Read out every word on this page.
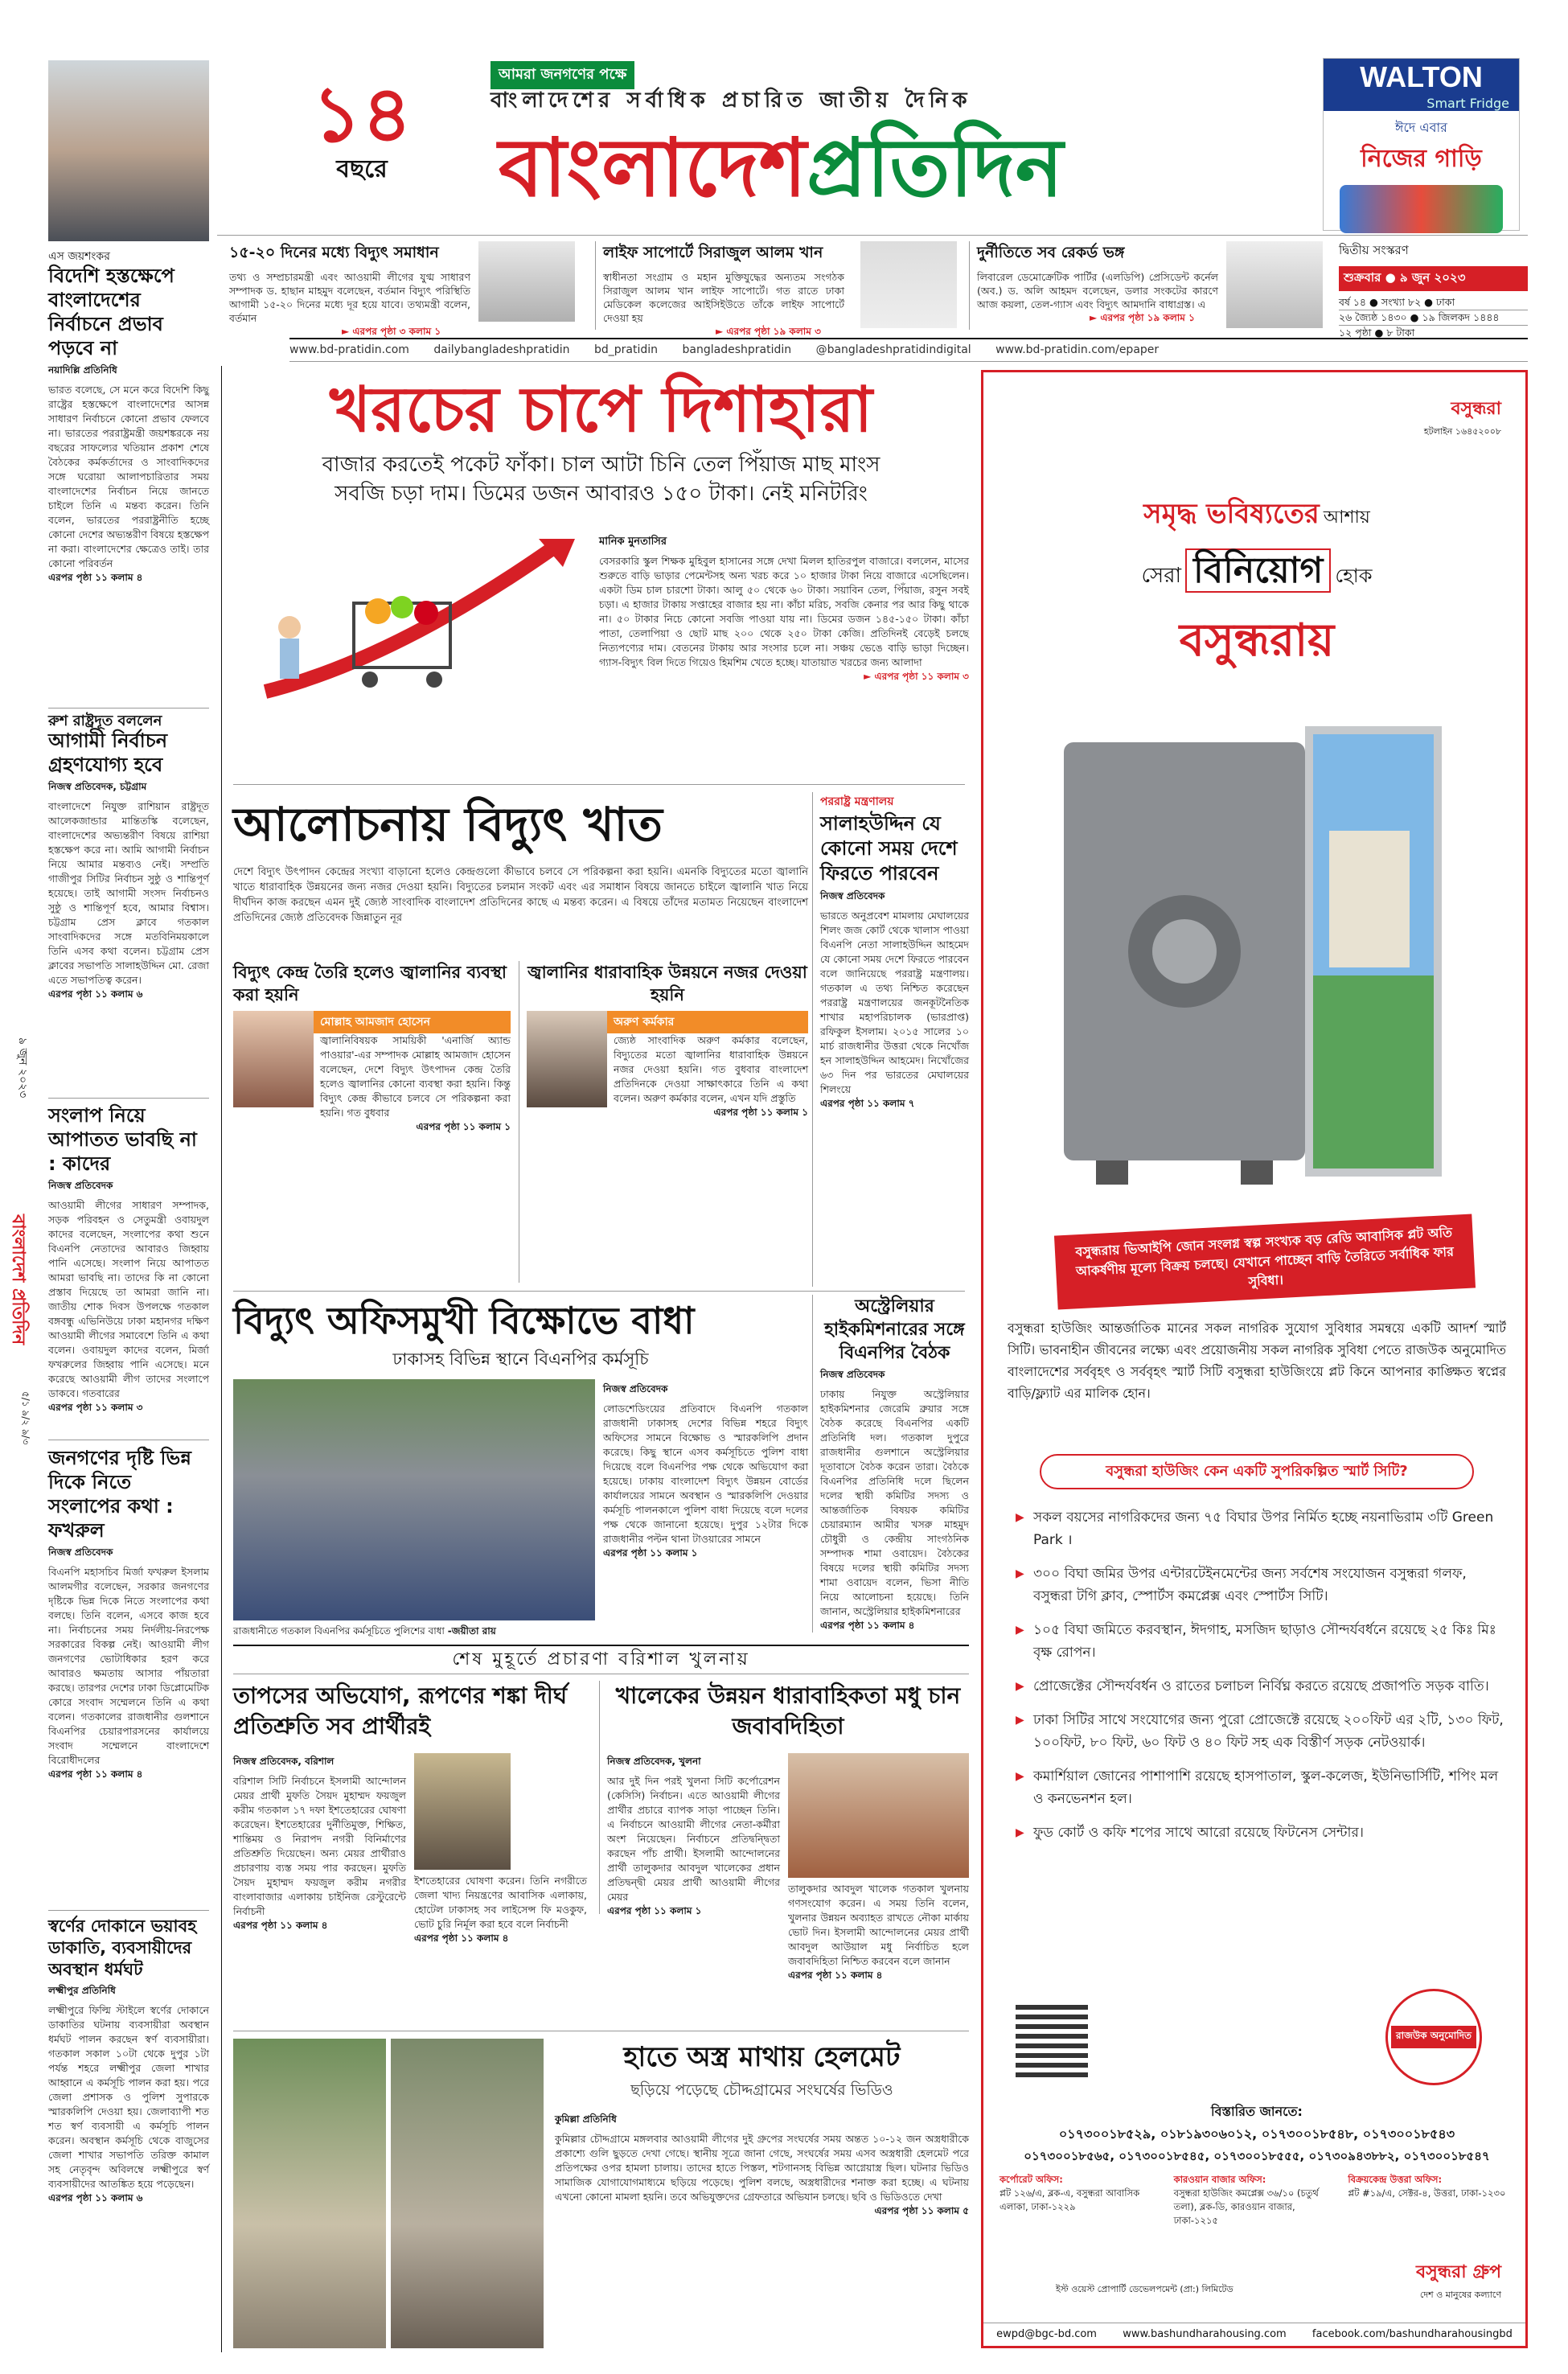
১৪
বছরে
আমরা জনগণের পক্ষে
বাংলাদেশের সর্বাধিক প্রচারিত জাতীয় দৈনিক
বাংলাদেশপ্রতিদিন
WALTON
Smart Fridge
ঈদে এবার
নিজের গাড়ি
১৫-২০ দিনের মধ্যে বিদ্যুৎ সমাধান
তথ্য ও সম্প্রচারমন্ত্রী এবং আওয়ামী লীগের যুগ্ম সাধারণ সম্পাদক ড. হাছান মাহমুদ বলেছেন, বর্তমান বিদ্যুৎ পরিস্থিতি আগামী ১৫-২০ দিনের মধ্যে দূর হয়ে যাবে। তথ্যমন্ত্রী বলেন, বর্তমান
► এরপর পৃষ্ঠা ৩ কলাম ১
লাইফ সাপোর্টে সিরাজুল আলম খান
স্বাধীনতা সংগ্রাম ও মহান মুক্তিযুদ্ধের অন্যতম সংগঠক সিরাজুল আলম খান লাইফ সাপোর্টে। গত রাতে ঢাকা মেডিকেল কলেজের আইসিইউতে তাঁকে লাইফ সাপোর্টে দেওয়া হয়
► এরপর পৃষ্ঠা ১৯ কলাম ৩
দুর্নীতিতে সব রেকর্ড ভঙ্গ
লিবারেল ডেমোক্রেটিক পার্টির (এলডিপি) প্রেসিডেন্ট কর্নেল (অব.) ড. অলি আহমদ বলেছেন, ডলার সংকটের কারণে আজ কয়লা, তেল-গ্যাস এবং বিদ্যুৎ আমদানি বাধাগ্রস্ত। এ
► এরপর পৃষ্ঠা ১৯ কলাম ১
দ্বিতীয় সংস্করণ
শুক্রবার ● ৯ জুন ২০২৩
বর্ষ ১৪ ● সংখ্যা ৮২ ● ঢাকা
২৬ জ্যৈষ্ঠ ১৪৩০ ● ১৯ জিলকদ ১৪৪৪
১২ পৃষ্ঠা ● ৮ টাকা
www.bd-pratidin.com dailybangladeshpratidin bd_pratidin bangladeshpratidin @bangladeshpratidindigital www.bd-pratidin.com/epaper
বাংলাদেশ প্রতিদিন
৯ জুন ২০২৩
৫/১ ৯/২ ৯/৩
এস জয়শংকর
বিদেশি হস্তক্ষেপে বাংলাদেশের নির্বাচনে প্রভাব পড়বে না
নয়াদিল্লি প্রতিনিধি
ভারত বলেছে, সে মনে করে বিদেশি কিছু রাষ্ট্রের হস্তক্ষেপে বাংলাদেশের আসন্ন সাধারণ নির্বাচনে কোনো প্রভাব ফেলবে না। ভারতের পররাষ্ট্রমন্ত্রী জয়শঙ্করকে নয় বছরের সাফল্যের খতিয়ান প্রকাশ শেষে বৈঠকের কর্মকর্তাদের ও সাংবাদিকদের সঙ্গে ঘরোয়া আলাপচারিতার সময় বাংলাদেশের নির্বাচন নিয়ে জানতে চাইলে তিনি এ মন্তব্য করেন। তিনি বলেন, ভারতের পররাষ্ট্রনীতি হচ্ছে কোনো দেশের অভ্যন্তরীণ বিষয়ে হস্তক্ষেপ না করা। বাংলাদেশের ক্ষেত্রেও তাই। তার কোনো পরিবর্তন
এরপর পৃষ্ঠা ১১ কলাম ৪
রুশ রাষ্ট্রদূত বললেন
আগামী নির্বাচন গ্রহণযোগ্য হবে
নিজস্ব প্রতিবেদক, চট্টগ্রাম
বাংলাদেশে নিযুক্ত রাশিয়ান রাষ্ট্রদূত আলেকজান্ডার মান্তিতস্কি বলেছেন, বাংলাদেশের অভ্যন্তরীণ বিষয়ে রাশিয়া হস্তক্ষেপ করে না। আমি আগামী নির্বাচন নিয়ে আমার মন্তব্যও নেই। সম্প্রতি গাজীপুর সিটির নির্বাচন সুষ্ঠু ও শান্তিপূর্ণ হয়েছে। তাই আগামী সংসদ নির্বাচনও সুষ্ঠু ও শান্তিপূর্ণ হবে, আমার বিশ্বাস। চট্টগ্রাম প্রেস ক্লাবে গতকাল সাংবাদিকদের সঙ্গে মতবিনিময়কালে তিনি এসব কথা বলেন। চট্টগ্রাম প্রেস ক্লাবের সভাপতি সালাহউদ্দিন মো. রেজা এতে সভাপতিত্ব করেন।
এরপর পৃষ্ঠা ১১ কলাম ৬
সংলাপ নিয়ে আপাতত ভাবছি না : কাদের
নিজস্ব প্রতিবেদক
আওয়ামী লীগের সাধারণ সম্পাদক, সড়ক পরিবহন ও সেতুমন্ত্রী ওবায়দুল কাদের বলেছেন, সংলাপের কথা শুনে বিএনপি নেতাদের আবারও জিহ্বায় পানি এসেছে। সংলাপ নিয়ে আপাতত আমরা ভাবছি না। তাদের কি না কোনো প্রস্তাব দিয়েছে তা আমরা জানি না। জাতীয় শোক দিবস উপলক্ষে গতকাল বঙ্গবন্ধু এভিনিউয়ে ঢাকা মহানগর দক্ষিণ আওয়ামী লীগের সমাবেশে তিনি এ কথা বলেন। ওবায়দুল কাদের বলেন, মির্জা ফখরুলের জিহ্বায় পানি এসেছে। মনে করেছে আওয়ামী লীগ তাদের সংলাপে ডাকবে। গতবারের
এরপর পৃষ্ঠা ১১ কলাম ৩
জনগণের দৃষ্টি ভিন্ন দিকে নিতে সংলাপের কথা : ফখরুল
নিজস্ব প্রতিবেদক
বিএনপি মহাসচিব মির্জা ফখরুল ইসলাম আলমগীর বলেছেন, সরকার জনগণের দৃষ্টিকে ভিন্ন দিকে নিতে সংলাপের কথা বলছে। তিনি বলেন, এসবে কাজ হবে না। নির্বাচনের সময় নির্দলীয়-নিরপেক্ষ সরকারের বিকল্প নেই। আওয়ামী লীগ জনগণের ভোটাধিকার হরণ করে আবারও ক্ষমতায় আসার পাঁয়তারা করছে। তারপর দেশের ঢাকা ডিপ্লোমেটিক কোরে সংবাদ সম্মেলনে তিনি এ কথা বলেন। গতকালের রাজধানীর গুলশানে বিএনপির চেয়ারপারসনের কার্যালয়ে সংবাদ সম্মেলনে বাংলাদেশে বিরোধীদলের
এরপর পৃষ্ঠা ১১ কলাম ৪
স্বর্ণের দোকানে ভয়াবহ ডাকাতি, ব্যবসায়ীদের অবস্থান ধর্মঘট
লক্ষ্মীপুর প্রতিনিধি
লক্ষ্মীপুরে ফিল্মি স্টাইলে স্বর্ণের দোকানে ডাকাতির ঘটনায় ব্যবসায়ীরা অবস্থান ধর্মঘট পালন করছেন স্বর্ণ ব্যবসায়ীরা। গতকাল সকাল ১০টা থেকে দুপুর ১টা পর্যন্ত শহরে লক্ষ্মীপুর জেলা শাখার আহ্বানে এ কর্মসূচি পালন করা হয়। পরে জেলা প্রশাসক ও পুলিশ সুপারকে স্মারকলিপি দেওয়া হয়। জেলাব্যাপী শত শত স্বর্ণ ব্যবসায়ী এ কর্মসূচি পালন করেন। অবস্থান কর্মসূচি থেকে বাজুসের জেলা শাখার সভাপতি তরিক্ত কামাল সহ নেতৃবৃন্দ অবিলম্বে লক্ষ্মীপুরে স্বর্ণ ব্যবসায়ীদের আতঙ্কিত হয়ে পড়েছেন।
এরপর পৃষ্ঠা ১১ কলাম ৬
খরচের চাপে দিশাহারা
বাজার করতেই পকেট ফাঁকা। চাল আটা চিনি তেল পিঁয়াজ মাছ মাংস
সবজি চড়া দাম। ডিমের ডজন আবারও ১৫০ টাকা। নেই মনিটরিং
মানিক মুনতাসির
বেসরকারি স্কুল শিক্ষক মুহিবুল হাসানের সঙ্গে দেখা মিলল হাতিরপুল বাজারে। বললেন, মাসের শুরুতে বাড়ি ভাড়ার পেমেন্টসহ অন্য খরচ করে ১০ হাজার টাকা নিয়ে বাজারে এসেছিলেন। একটা ডিম চাল চারশো টাকা। আলু ৫০ থেকে ৬০ টাকা। সয়াবিন তেল, পিঁয়াজ, রসুন সবই চড়া। এ হাজার টাকায় সপ্তাহের বাজার হয় না। কাঁচা মরিচ, সবজি কেনার পর আর কিছু থাকে না। ৫০ টাকার নিচে কোনো সবজি পাওয়া যায় না। ডিমের ডজন ১৪৫-১৫০ টাকা। কাঁচা পাতা, তেলাপিয়া ও ছোট মাছ ২০০ থেকে ২৫০ টাকা কেজি। প্রতিদিনই বেড়েই চলছে নিত্যপণ্যের দাম। বেতনের টাকায় আর সংসার চলে না। সঞ্চয় ভেঙে বাড়ি ভাড়া দিচ্ছেন। গ্যাস-বিদ্যুৎ বিল দিতে গিয়েও হিমশিম খেতে হচ্ছে। যাতায়াত খরচের জন্য আলাদা
► এরপর পৃষ্ঠা ১১ কলাম ৩
আলোচনায় বিদ্যুৎ খাত
দেশে বিদ্যুৎ উৎপাদন কেন্দ্রের সংখ্যা বাড়ানো হলেও কেন্দ্রগুলো কীভাবে চলবে সে পরিকল্পনা করা হয়নি। এমনকি বিদ্যুতের মতো জ্বালানি খাতে ধারাবাহিক উন্নয়নের জন্য নজর দেওয়া হয়নি। বিদ্যুতের চলমান সংকট এবং এর সমাধান বিষয়ে জানতে চাইলে জ্বালানি খাত নিয়ে দীর্ঘদিন কাজ করছেন এমন দুই জ্যেষ্ঠ সাংবাদিক বাংলাদেশ প্রতিদিনের কাছে এ মন্তব্য করেন। এ বিষয়ে তাঁদের মতামত নিয়েছেন বাংলাদেশ প্রতিদিনের জ্যেষ্ঠ প্রতিবেদক জিন্নাতুন নূর
বিদ্যুৎ কেন্দ্র তৈরি হলেও জ্বালানির ব্যবস্থা করা হয়নি
মোল্লাহ আমজাদ হোসেন
জ্বালানিবিষয়ক সাময়িকী 'এনার্জি অ্যান্ড পাওয়ার'-এর সম্পাদক মোল্লাহ আমজাদ হোসেন বলেছেন, দেশে বিদ্যুৎ উৎপাদন কেন্দ্র তৈরি হলেও জ্বালানির কোনো ব্যবস্থা করা হয়নি। কিন্তু বিদ্যুৎ কেন্দ্র কীভাবে চলবে সে পরিকল্পনা করা হয়নি। গত বুধবার
এরপর পৃষ্ঠা ১১ কলাম ১
জ্বালানির ধারাবাহিক উন্নয়নে নজর দেওয়া হয়নি
অরুণ কর্মকার
জ্যেষ্ঠ সাংবাদিক অরুণ কর্মকার বলেছেন, বিদ্যুতের মতো জ্বালানির ধারাবাহিক উন্নয়নে নজর দেওয়া হয়নি। গত বুধবার বাংলাদেশ প্রতিদিনকে দেওয়া সাক্ষাৎকারে তিনি এ কথা বলেন। অরুণ কর্মকার বলেন, এখন যদি প্রস্তুতি
এরপর পৃষ্ঠা ১১ কলাম ১
পররাষ্ট্র মন্ত্রণালয়
সালাহউদ্দিন যে কোনো সময় দেশে ফিরতে পারবেন
নিজস্ব প্রতিবেদক
ভারতে অনুপ্রবেশ মামলায় মেঘালয়ের শিলং জজ কোর্ট থেকে খালাস পাওয়া বিএনপি নেতা সালাহউদ্দিন আহমেদ যে কোনো সময় দেশে ফিরতে পারবেন বলে জানিয়েছে পররাষ্ট্র মন্ত্রণালয়। গতকাল এ তথ্য নিশ্চিত করেছেন পররাষ্ট্র মন্ত্রণালয়ের জনকূটনৈতিক শাখার মহাপরিচালক (ভারপ্রাপ্ত) রফিকুল ইসলাম। ২০১৫ সালের ১০ মার্চ রাজধানীর উত্তরা থেকে নিখোঁজ হন সালাহউদ্দিন আহমেদ। নিখোঁজের ৬৩ দিন পর ভারতের মেঘালয়ের শিলংয়ে
এরপর পৃষ্ঠা ১১ কলাম ৭
বিদ্যুৎ অফিসমুখী বিক্ষোভে বাধা
ঢাকাসহ বিভিন্ন স্থানে বিএনপির কর্মসূচি
রাজধানীতে গতকাল বিএনপির কর্মসূচিতে পুলিশের বাধা -জয়ীতা রায়
নিজস্ব প্রতিবেদক
লোডশেডিংয়ের প্রতিবাদে বিএনপি গতকাল রাজধানী ঢাকাসহ দেশের বিভিন্ন শহরে বিদ্যুৎ অফিসের সামনে বিক্ষোভ ও স্মারকলিপি প্রদান করেছে। কিছু স্থানে এসব কর্মসূচিতে পুলিশ বাধা দিয়েছে বলে বিএনপির পক্ষ থেকে অভিযোগ করা হয়েছে। ঢাকায় বাংলাদেশ বিদ্যুৎ উন্নয়ন বোর্ডের কার্যালয়ের সামনে অবস্থান ও স্মারকলিপি দেওয়ার কর্মসূচি পালনকালে পুলিশ বাধা দিয়েছে বলে দলের পক্ষ থেকে জানানো হয়েছে। দুপুর ১২টার দিকে রাজধানীর পল্টন থানা টাওয়ারের সামনে
এরপর পৃষ্ঠা ১১ কলাম ১
অস্ট্রেলিয়ার হাইকমিশনারের সঙ্গে বিএনপির বৈঠক
নিজস্ব প্রতিবেদক
ঢাকায় নিযুক্ত অস্ট্রেলিয়ার হাইকমিশনার জেরেমি ব্রুয়ার সঙ্গে বৈঠক করেছে বিএনপির একটি প্রতিনিধি দল। গতকাল দুপুরে রাজধানীর গুলশানে অস্ট্রেলিয়ার দূতাবাসে বৈঠক করেন তারা। বৈঠকে বিএনপির প্রতিনিধি দলে ছিলেন দলের স্থায়ী কমিটির সদস্য ও আন্তর্জাতিক বিষয়ক কমিটির চেয়ারম্যান আমীর খসরু মাহমুদ চৌধুরী ও কেন্দ্রীয় সাংগঠনিক সম্পাদক শামা ওবায়েদ। বৈঠকের বিষয়ে দলের স্থায়ী কমিটির সদস্য শামা ওবায়েদ বলেন, ভিসা নীতি নিয়ে আলোচনা হয়েছে। তিনি জানান, অস্ট্রেলিয়ার হাইকমিশনারের
এরপর পৃষ্ঠা ১১ কলাম ৪
শেষ মুহূর্তে প্রচারণা বরিশাল খুলনায়
তাপসের অভিযোগ, রূপণের শঙ্কা দীর্ঘ প্রতিশ্রুতি সব প্রার্থীরই
নিজস্ব প্রতিবেদক, বরিশাল
বরিশাল সিটি নির্বাচনে ইসলামী আন্দোলন মেয়র প্রার্থী মুফতি সৈয়দ মুহাম্মদ ফয়জুল করীম গতকাল ১৭ দফা ইশতেহারের ঘোষণা করেছেন। ইশতেহারের দুর্নীতিমুক্ত, শিক্ষিত, শান্তিময় ও নিরাপদ নগরী বিনির্মাণের প্রতিশ্রুতি দিয়েছেন। অন্য মেয়র প্রার্থীরাও প্রচারণায় ব্যস্ত সময় পার করছেন। মুফতি সৈয়দ মুহাম্মদ ফয়জুল করীম নগরীর বাংলাবাজার এলাকায় চাইনিজ রেস্টুরেন্টে নির্বাচনী
এরপর পৃষ্ঠা ১১ কলাম ৪
ইশতেহারের ঘোষণা করেন। তিনি নগরীতে জেলা খাদ্য নিয়ন্ত্রণের আবাসিক এলাকায়, হোটেল ঢাকাসহ সব লাইসেন্স ফি মওকুফ, ভোট চুরি নির্মূল করা হবে বলে নির্বাচনী
এরপর পৃষ্ঠা ১১ কলাম ৪
খালেকের উন্নয়ন ধারাবাহিকতা মধু চান জবাবদিহিতা
নিজস্ব প্রতিবেদক, খুলনা
আর দুই দিন পরই খুলনা সিটি কর্পোরেশন (কেসিসি) নির্বাচন। এতে আওয়ামী লীগের প্রার্থীর প্রচারে ব্যাপক সাড়া পাচ্ছেন তিনি। এ নির্বাচনে আওয়ামী লীগের নেতা-কর্মীরা অংশ নিয়েছেন। নির্বাচনে প্রতিদ্বন্দ্বিতা করছেন পাঁচ প্রার্থী। ইসলামী আন্দোলনের প্রার্থী তালুকদার আবদুল খালেকের প্রধান প্রতিদ্বন্দ্বী মেয়র প্রার্থী আওয়ামী লীগের মেয়র
এরপর পৃষ্ঠা ১১ কলাম ১
তালুকদার আবদুল খালেক গতকাল খুলনায় গণসংযোগ করেন। এ সময় তিনি বলেন, খুলনার উন্নয়ন অব্যাহত রাখতে নৌকা মার্কায় ভোট দিন। ইসলামী আন্দোলনের মেয়র প্রার্থী আবদুল আউয়াল মধু নির্বাচিত হলে জবাবদিহিতা নিশ্চিত করবেন বলে জানান
এরপর পৃষ্ঠা ১১ কলাম ৪
হাতে অস্ত্র মাথায় হেলমেট
ছড়িয়ে পড়েছে চৌদ্দগ্রামের সংঘর্ষের ভিডিও
কুমিল্লা প্রতিনিধি
কুমিল্লার চৌদ্দগ্রামে মঙ্গলবার আওয়ামী লীগের দুই গ্রুপের সংঘর্ষের সময় অন্তত ১০-১২ জন অস্ত্রধারীকে প্রকাশ্যে গুলি ছুড়তে দেখা গেছে। স্থানীয় সূত্রে জানা গেছে, সংঘর্ষের সময় এসব অস্ত্রধারী হেলমেট পরে প্রতিপক্ষের ওপর হামলা চালায়। তাদের হাতে পিস্তল, শটগানসহ বিভিন্ন আগ্নেয়াস্ত্র ছিল। ঘটনার ভিডিও সামাজিক যোগাযোগমাধ্যমে ছড়িয়ে পড়েছে। পুলিশ বলছে, অস্ত্রধারীদের শনাক্ত করা হচ্ছে। এ ঘটনায় এখনো কোনো মামলা হয়নি। তবে অভিযুক্তদের গ্রেফতারে অভিযান চলছে। ছবি ও ভিডিওতে দেখা
এরপর পৃষ্ঠা ১১ কলাম ৫
বসুন্ধরা
হটলাইন ১৬৪৫২০০৮
সমৃদ্ধ ভবিষ্যতের আশায়
সেরা বিনিয়োগ হোক
বসুন্ধরায়
বসুন্ধরায় ভিআইপি জোন সংলগ্ন স্বল্প সংখ্যক বড় রেডি আবাসিক প্লট অতি আকর্ষণীয় মূল্যে বিক্রয় চলছে। যেখানে পাচ্ছেন বাড়ি তৈরিতে সর্বাধিক ফার সুবিধা।
বসুন্ধরা হাউজিং আন্তর্জাতিক মানের সকল নাগরিক সুযোগ সুবিধার সমন্বয়ে একটি আদর্শ স্মার্ট সিটি। ভাবনাহীন জীবনের লক্ষ্যে এবং প্রয়োজনীয় সকল নাগরিক সুবিধা পেতে রাজউক অনুমোদিত বাংলাদেশের সর্ববৃহৎ ও সর্ববৃহৎ স্মার্ট সিটি বসুন্ধরা হাউজিংয়ে প্লট কিনে আপনার কাঙ্ক্ষিত স্বপ্নের বাড়ি/ফ্ল্যাট এর মালিক হোন।
বসুন্ধরা হাউজিং কেন একটি সুপরিকল্পিত স্মার্ট সিটি?
▶ সকল বয়সের নাগরিকদের জন্য ৭৫ বিঘার উপর নির্মিত হচ্ছে নয়নাভিরাম ৩টি Green Park ।
▶ ৩০০ বিঘা জমির উপর এন্টারটেইনমেন্টের জন্য সর্বশেষ সংযোজন বসুন্ধরা গলফ, বসুন্ধরা টগি ক্লাব, স্পোর্টস কমপ্লেক্স এবং স্পোর্টস সিটি।
▶ ১০৫ বিঘা জমিতে করবস্থান, ঈদগাহ, মসজিদ ছাড়াও সৌন্দর্যবর্ধনে রয়েছে ২৫ কিঃ মিঃ বৃক্ষ রোপন।
▶ প্রোজেক্টের সৌন্দর্যবর্ধন ও রাতের চলাচল নির্বিঘ্ন করতে রয়েছে প্রজাপতি সড়ক বাতি।
▶ ঢাকা সিটির সাথে সংযোগের জন্য পুরো প্রোজেক্টে রয়েছে ২০০ফিট এর ২টি, ১৩০ ফিট, ১০০ফিট, ৮০ ফিট, ৬০ ফিট ও ৪০ ফিট সহ এক বিস্তীর্ণ সড়ক নেটওয়ার্ক।
▶ কমার্শিয়াল জোনের পাশাপাশি রয়েছে হাসপাতাল, স্কুল-কলেজ, ইউনিভার্সিটি, শপিং মল ও কনভেনশন হল।
▶ ফুড কোর্ট ও কফি শপের সাথে আরো রয়েছে ফিটনেস সেন্টার।
রাজউক অনুমোদিত
বিস্তারিত জানতে:
০১৭৩০০১৮৫২৯, ০১৮১৯৩০৬০১২, ০১৭৩০০১৮৫৪৮, ০১৭৩০০১৮৫৪৩
০১৭৩০০১৮৫৬৫, ০১৭৩০০১৮৫৪৫, ০১৭৩০০১৮৫৫৫, ০১৭৩০৯৪৩৮৮২, ০১৭৩০০১৮৫৪৭
কর্পোরেট অফিস:
প্লট ১২৬/এ, ব্লক-এ, বসুন্ধরা আবাসিক এলাকা, ঢাকা-১২২৯
কারওয়ান বাজার অফিস:
বসুন্ধরা হাউজিং কমপ্লেক্স ৩৬/১০ (চতুর্থ তলা), ব্লক-ডি, কারওয়ান বাজার, ঢাকা-১২১৫
বিক্রয়কেন্দ্র উত্তরা অফিস:
প্লট #১৯/এ, সেক্টর-৪, উত্তরা, ঢাকা-১২৩০
ইস্ট ওয়েস্ট প্রোপার্টি ডেভেলপমেন্ট (প্রা:) লিমিটেড
বসুন্ধরা গ্রুপ
দেশ ও মানুষের কল্যাণে
ewpd@bgc-bd.com www.bashundharahousing.com facebook.com/bashundharahousingbd
